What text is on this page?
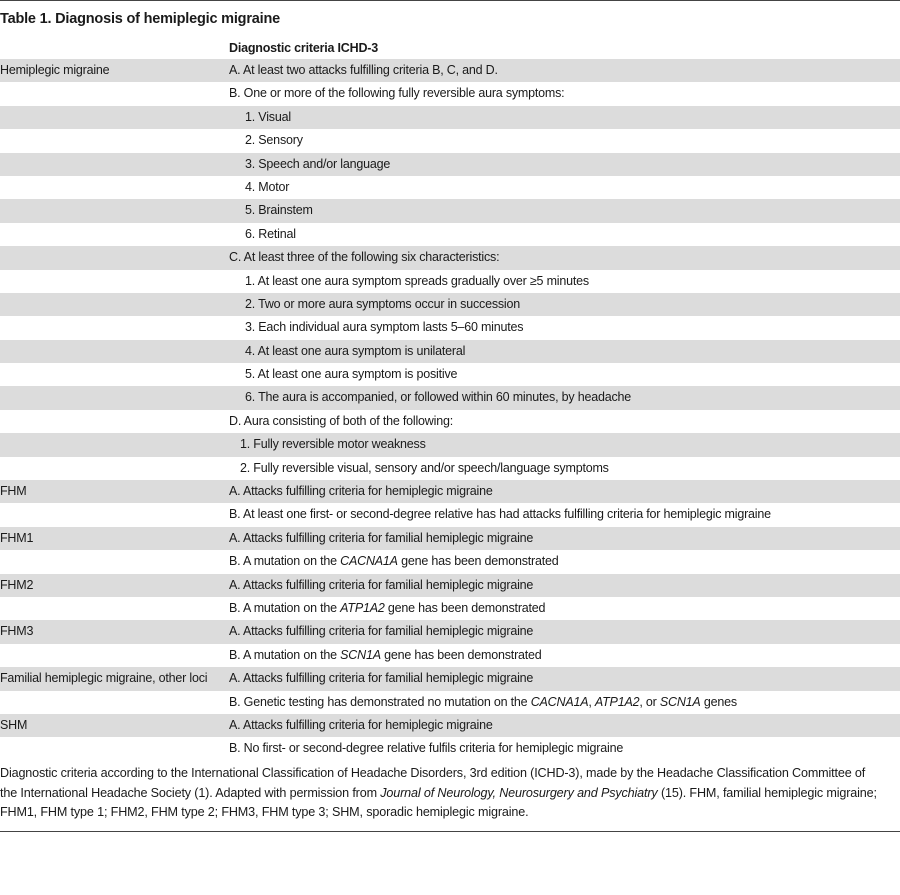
Table 1. Diagnosis of hemiplegic migraine
Diagnostic criteria ICHD-3
Hemiplegic migraine	A. At least two attacks fulfilling criteria B, C, and D.
B. One or more of the following fully reversible aura symptoms:
1. Visual
2. Sensory
3. Speech and/or language
4. Motor
5. Brainstem
6. Retinal
C. At least three of the following six characteristics:
1. At least one aura symptom spreads gradually over ≥5 minutes
2. Two or more aura symptoms occur in succession
3. Each individual aura symptom lasts 5–60 minutes
4. At least one aura symptom is unilateral
5. At least one aura symptom is positive
6. The aura is accompanied, or followed within 60 minutes, by headache
D. Aura consisting of both of the following:
1. Fully reversible motor weakness
2. Fully reversible visual, sensory and/or speech/language symptoms
FHM	A. Attacks fulfilling criteria for hemiplegic migraine
B. At least one first- or second-degree relative has had attacks fulfilling criteria for hemiplegic migraine
FHM1	A. Attacks fulfilling criteria for familial hemiplegic migraine
B. A mutation on the CACNA1A gene has been demonstrated
FHM2	A. Attacks fulfilling criteria for familial hemiplegic migraine
B. A mutation on the ATP1A2 gene has been demonstrated
FHM3	A. Attacks fulfilling criteria for familial hemiplegic migraine
B. A mutation on the SCN1A gene has been demonstrated
Familial hemiplegic migraine, other loci A. Attacks fulfilling criteria for familial hemiplegic migraine
B. Genetic testing has demonstrated no mutation on the CACNA1A, ATP1A2, or SCN1A genes
SHM	A. Attacks fulfilling criteria for hemiplegic migraine
B. No first- or second-degree relative fulfils criteria for hemiplegic migraine
Diagnostic criteria according to the International Classification of Headache Disorders, 3rd edition (ICHD-3), made by the Headache Classification Committee of the International Headache Society (1). Adapted with permission from Journal of Neurology, Neurosurgery and Psychiatry (15). FHM, familial hemiplegic migraine; FHM1, FHM type 1; FHM2, FHM type 2; FHM3, FHM type 3; SHM, sporadic hemiplegic migraine.
